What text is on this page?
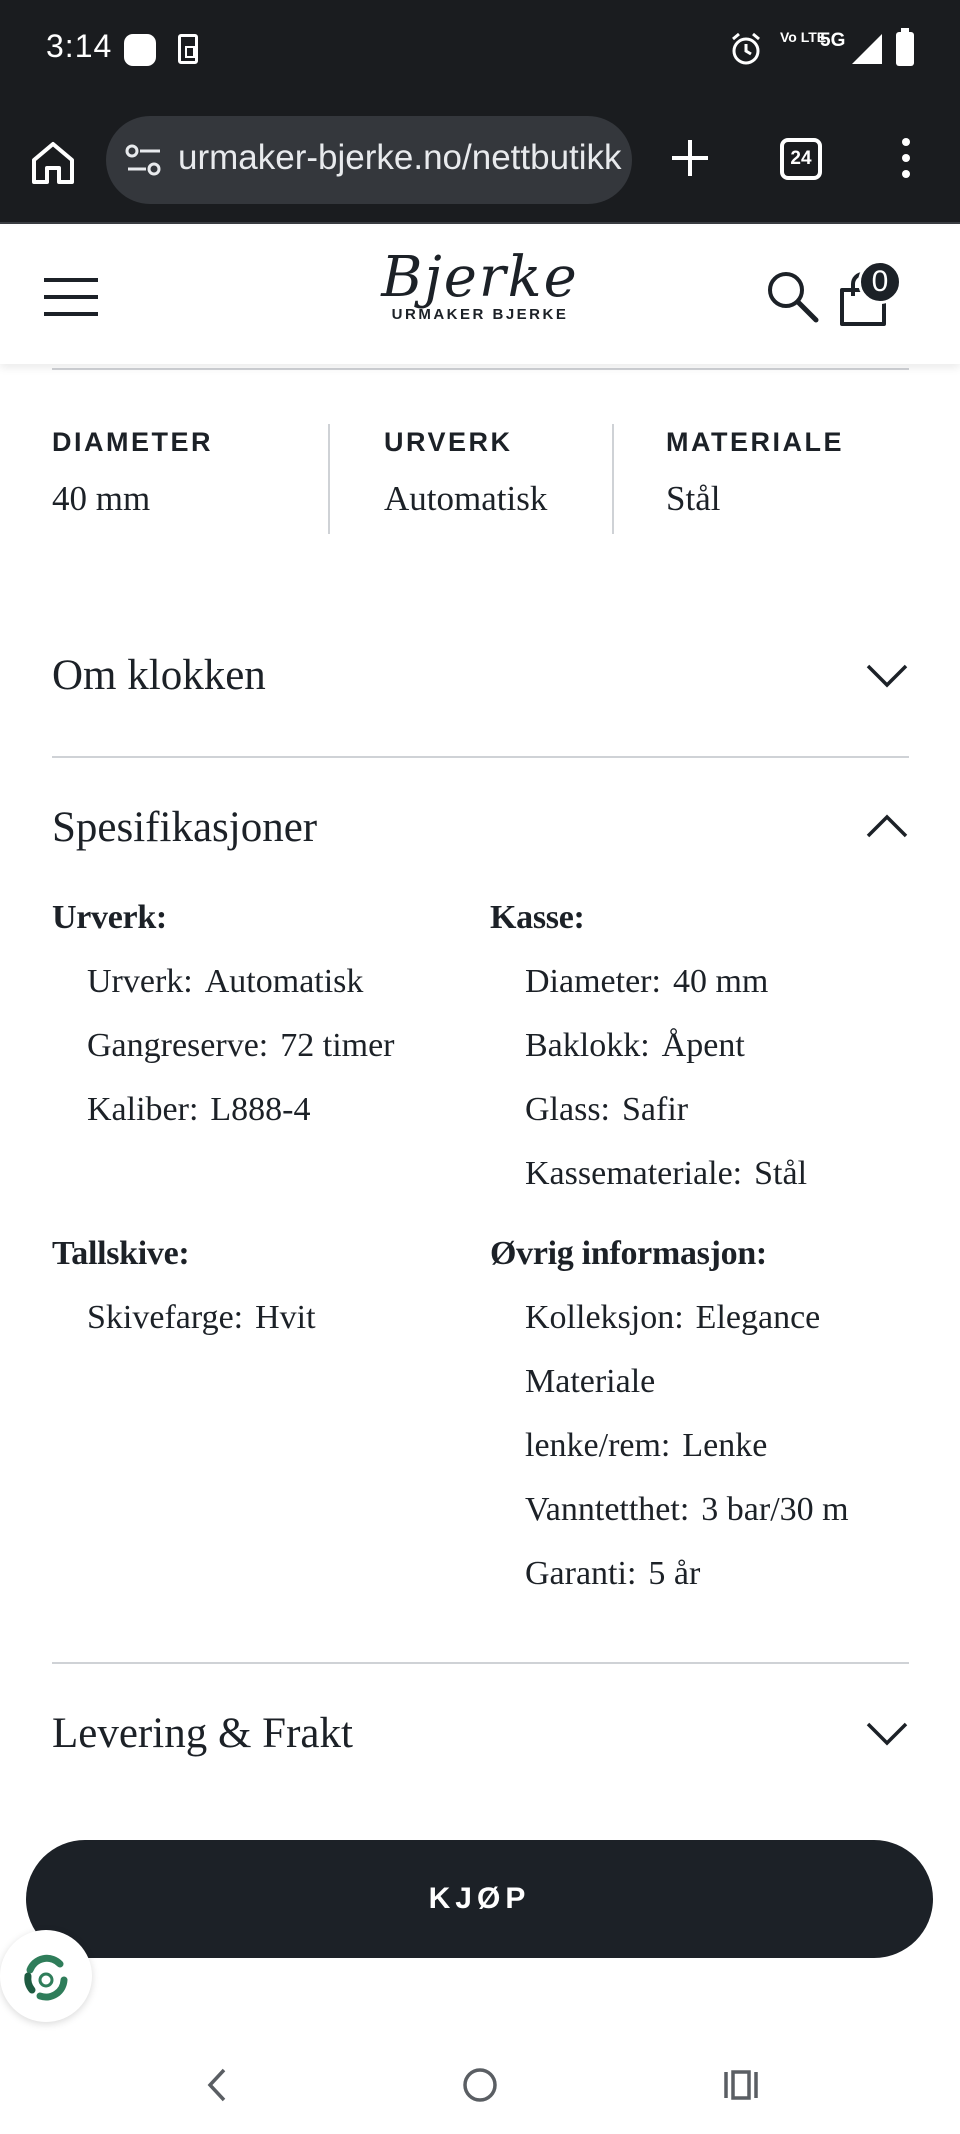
3:14	Vo LTE
5G
urmaker-bjerke.no/nettbutikk	24
Bjerke
URMAKER BJERKE
0
DIAMETER
40 mm
URVERK
Automatisk
MATERIALE
Stål
Om klokken
Spesifikasjoner
Urverk:
Urverk: Automatisk
Gangreserve: 72 timer
Kaliber: L888-4
Kasse:
Diameter: 40 mm
Baklokk: Åpent
Glass: Safir
Kassemateriale: Stål
Tallskive:
Skivefarge: Hvit
Øvrig informasjon:
Kolleksjon: Elegance
Materiale
lenke/rem: Lenke
Vanntetthet: 3 bar/30 m
Garanti: 5 år
Levering & Frakt
KJØP
